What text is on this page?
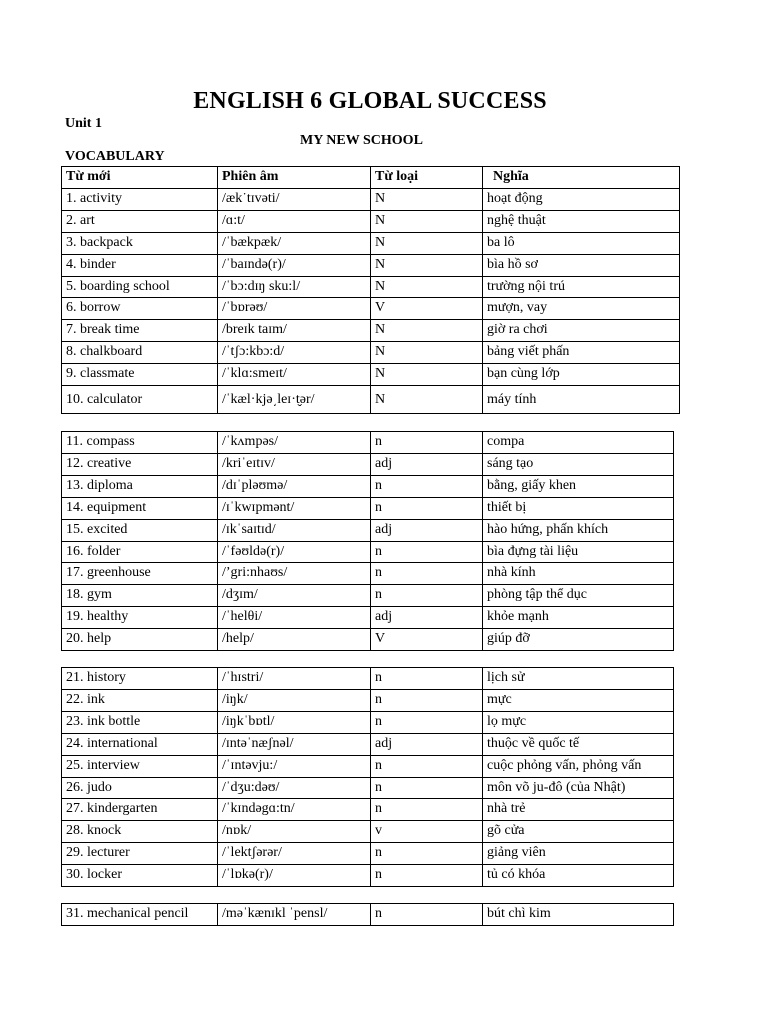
ENGLISH 6 GLOBAL SUCCESS
Unit 1
MY NEW SCHOOL
VOCABULARY
Từ mới	Phiên âm	Từ loại	Nghĩa
1. activity	/æk˙tɪvəti/	N	hoạt động
2. art	/ɑ:t/	N	nghệ thuật
3. backpack	/ˈbækpæk/	N	ba lô
4. binder	/ˈbaɪndə(r)/	N	bìa hồ sơ
5. boarding school	/ˈbɔ:dɪŋ sku:l/	N	trường nội trú
6. borrow	/ˈbɒrəʊ/	V	mượn, vay
7. break time	/breɪk taɪm/	N	giờ ra chơi
8. chalkboard	/ˈtʃɔ:kbɔ:d/	N	bảng viết phấn
9. classmate	/ˈklɑ:smeɪt/	N	bạn cùng lớp
10. calculator	/ˈkæl·kjə͵leɪ·t̬ər/	N	máy tính
11. compass	/ˈkʌmpəs/	n	compa
12. creative	/kriˈeɪtɪv/	adj	sáng tạo
13. diploma	/dɪˈpləʊmə/	n	bằng, giấy khen
14. equipment	/ɪˈkwɪpmənt/	n	thiết bị
15. excited	/ɪkˈsaɪtɪd/	adj	hào hứng, phấn khích
16. folder	/ˈfəʊldə(r)/	n	bìa đựng tài liệu
17. greenhouse	/’gri:nhaʊs/	n	nhà kính
18. gym	/dʒɪm/	n	phòng tập thể dục
19. healthy	/ˈhelθi/	adj	khỏe mạnh
20. help	/help/	V	giúp đỡ
21. history	/ˈhɪstri/	n	lịch sử
22. ink	/iŋk/	n	mực
23. ink bottle	/iŋkˈbɒtl/	n	lọ mực
24. international	/ɪntəˈnæʃnəl/	adj	thuộc về quốc tế
25. interview	/ˈɪntəvju:/	n	cuộc phỏng vấn, phỏng vấn
26. judo	/ˈdʒu:dəʊ/	n	môn võ ju-đô (của Nhật)
27. kindergarten	/ˈkɪndəgɑ:tn/	n	nhà trẻ
28. knock	/nɒk/	v	gõ cửa
29. lecturer	/ˈlektʃərər/	n	giảng viên
30. locker	/ˈlɒkə(r)/	n	tủ có khóa
31. mechanical pencil	/məˈkænɪkl ˈpensl/	n	bút chì kim
